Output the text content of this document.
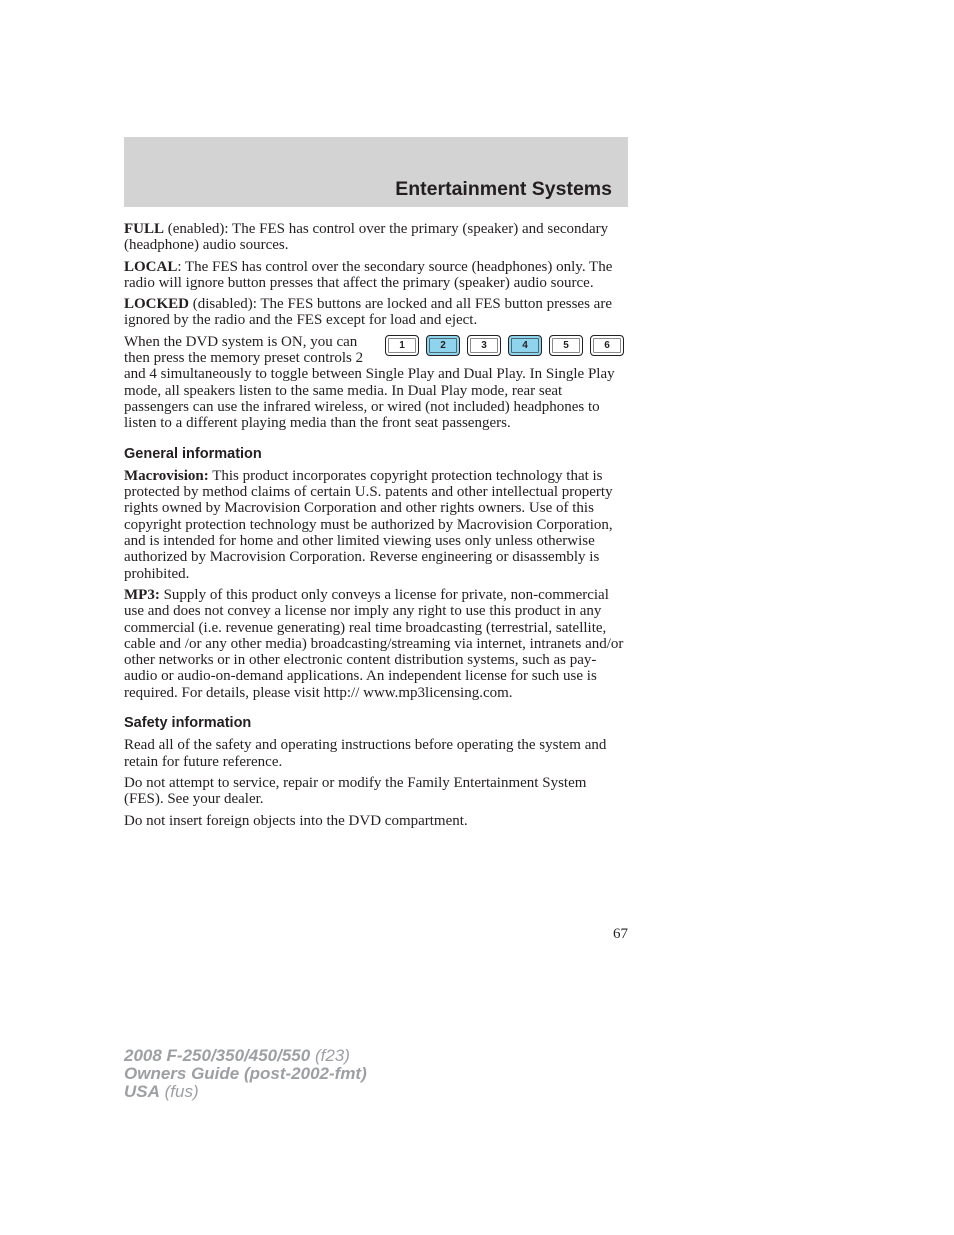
Entertainment Systems

FULL (enabled): The FES has control over the primary (speaker) and secondary (headphone) audio sources.

LOCAL: The FES has control over the secondary source (headphones) only. The radio will ignore button presses that affect the primary (speaker) audio source.

LOCKED (disabled): The FES buttons are locked and all FES button presses are ignored by the radio and the FES except for load and eject.

1	2	3	4	5	6
When the DVD system is ON, you can then press the memory preset controls 2 and 4 simultaneously to toggle between Single Play and Dual Play. In Single Play mode, all speakers listen to the same media. In Dual Play mode, rear seat passengers can use the infrared wireless, or wired (not included) headphones to listen to a different playing media than the front seat passengers.

General information

Macrovision: This product incorporates copyright protection technology that is protected by method claims of certain U.S. patents and other intellectual property rights owned by Macrovision Corporation and other rights owners. Use of this copyright protection technology must be authorized by Macrovision Corporation, and is intended for home and other limited viewing uses only unless otherwise authorized by Macrovision Corporation. Reverse engineering or disassembly is prohibited.

MP3: Supply of this product only conveys a license for private, non-commercial use and does not convey a license nor imply any right to use this product in any commercial (i.e. revenue generating) real time broadcasting (terrestrial, satellite, cable and /or any other media) broadcasting/streaming via internet, intranets and/or other networks or in other electronic content distribution systems, such as pay-audio or audio-on-demand applications. An independent license for such use is required. For details, please visit http:// www.mp3licensing.com.

Safety information

Read all of the safety and operating instructions before operating the system and retain for future reference.

Do not attempt to service, repair or modify the Family Entertainment System (FES). See your dealer.

Do not insert foreign objects into the DVD compartment.

67
2008 F-250/350/450/550 (f23)
Owners Guide (post-2002-fmt)
USA (fus)
